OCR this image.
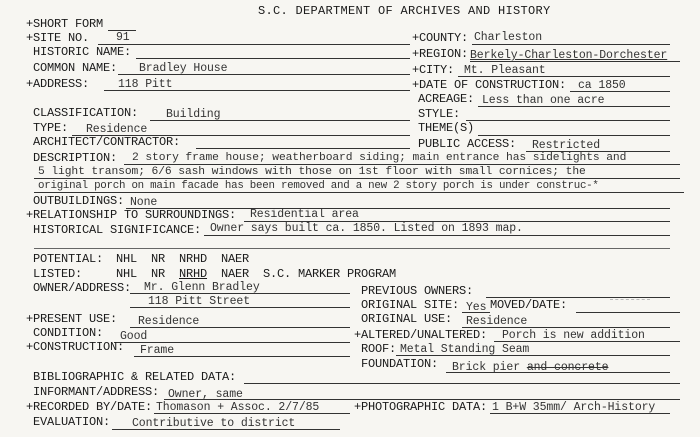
S.C. DEPARTMENT OF ARCHIVES AND HISTORY
+SHORT FORM
+SITE NO. 91	+COUNTY: Charleston
HISTORIC NAME:	+REGION: Berkely-Charleston-Dorchester
COMMON NAME: Bradley House	+CITY: Mt. Pleasant
+ADDRESS:	118 Pitt	+DATE OF CONSTRUCTION: ca 1850
ACREAGE: Less than one acre
CLASSIFICATION: Building	STYLE:
TYPE: Residence	THEME(S)
ARCHITECT/CONTRACTOR:	PUBLIC ACCESS: Restricted
DESCRIPTION: 2 story frame house; weatherboard siding; main entrance has sidelights and
5 light transom; 6/6 sash windows with those on 1st floor with small cornices; the
original porch on main facade has been removed and a new 2 story porch is under construc-*
OUTBUILDINGS: None
+RELATIONSHIP TO SURROUNDINGS: Residential area
HISTORICAL SIGNIFICANCE: Owner says built ca. 1850. Listed on 1893 map.
POTENTIAL: NHL  NR  NRHD  NAER
LISTED:	NHL  NR  NRHD  NAER  S.C. MARKER PROGRAM
OWNER/ADDRESS: Mr. Glenn Bradley
118 Pitt Street
PREVIOUS OWNERS:
ORIGINAL SITE: Yes MOVED/DATE:
+PRESENT USE: Residence	ORIGINAL USE: Residence
CONDITION: Good	+ALTERED/UNALTERED: Porch is new addition
+CONSTRUCTION: Frame	ROOF: Metal Standing Seam
FOUNDATION: Brick pier and concrete
BIBLIOGRAPHIC & RELATED DATA:
INFORMANT/ADDRESS: Owner, same
+RECORDED BY/DATE: Thomason + Assoc. 2/7/85	+PHOTOGRAPHIC DATA: 1 B+W 35mm/ Arch-History
EVALUATION: Contributive to district
